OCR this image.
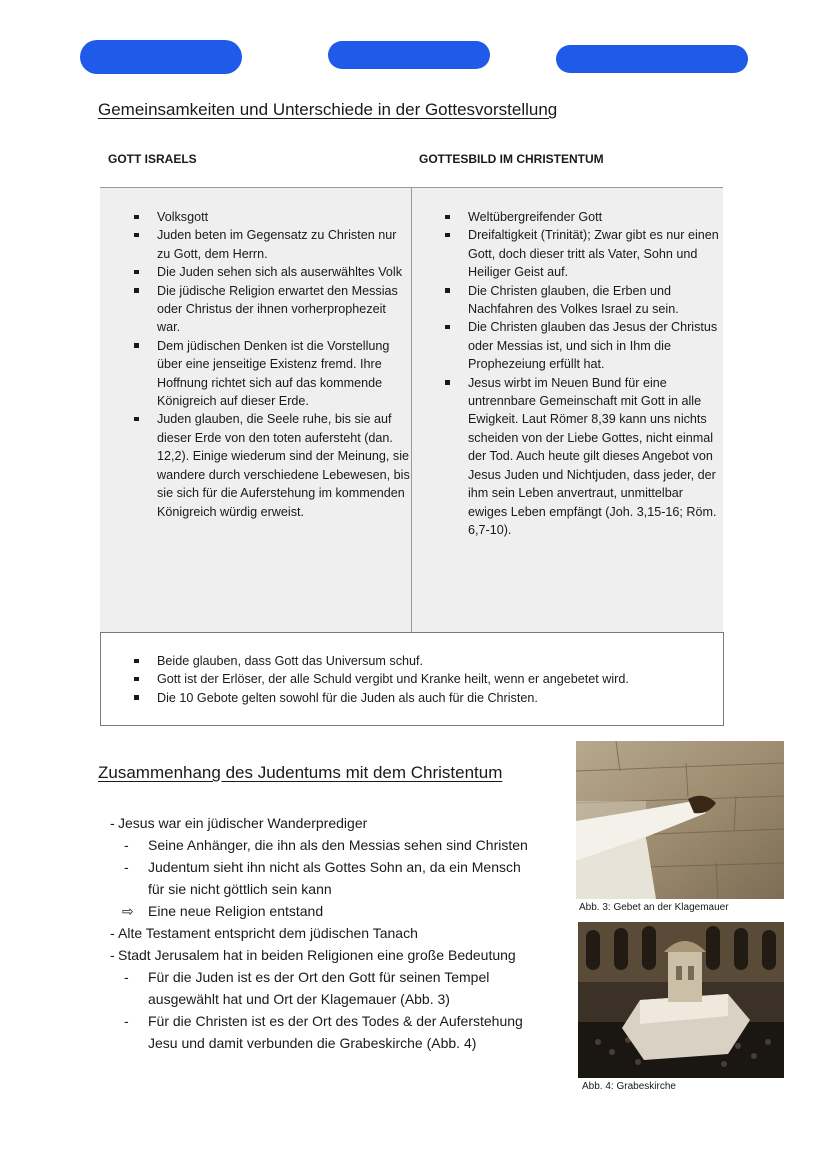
Gemeinsamkeiten und Unterschiede in der Gottesvorstellung
GOTT ISRAELS	GOTTESBILD IM CHRISTENTUM
Volksgott
Juden beten im Gegensatz zu Christen nur zu Gott, dem Herrn.
Die Juden sehen sich als auserwähltes Volk
Die jüdische Religion erwartet den Messias oder Christus der ihnen vorherprophezeit war.
Dem jüdischen Denken ist die Vorstellung über eine jenseitige Existenz fremd. Ihre Hoffnung richtet sich auf das kommende Königreich auf dieser Erde.
Juden glauben, die Seele ruhe, bis sie auf dieser Erde von den toten aufersteht (dan. 12,2). Einige wiederum sind der Meinung, sie wandere durch verschiedene Lebewesen, bis sie sich für die Auferstehung im kommenden Königreich würdig erweist.
Weltübergreifender Gott
Dreifaltigkeit (Trinität); Zwar gibt es nur einen Gott, doch dieser tritt als Vater, Sohn und Heiliger Geist auf.
Die Christen glauben, die Erben und Nachfahren des Volkes Israel zu sein.
Die Christen glauben das Jesus der Christus oder Messias ist, und sich in Ihm die Prophezeiung erfüllt hat.
Jesus wirbt im Neuen Bund für eine untrennbare Gemeinschaft mit Gott in alle Ewigkeit. Laut Römer 8,39 kann uns nichts scheiden von der Liebe Gottes, nicht einmal der Tod. Auch heute gilt dieses Angebot von Jesus Juden und Nichtjuden, dass jeder, der ihm sein Leben anvertraut, unmittelbar ewiges Leben empfängt (Joh. 3,15-16; Röm. 6,7-10).
Beide glauben, dass Gott das Universum schuf.
Gott ist der Erlöser, der alle Schuld vergibt und Kranke heilt, wenn er angebetet wird.
Die 10 Gebote gelten sowohl für die Juden als auch für die Christen.
Zusammenhang des Judentums mit dem Christentum
- Jesus war ein jüdischer Wanderprediger
- Seine Anhänger, die ihn als den Messias sehen sind Christen
- Judentum sieht ihn nicht als Gottes Sohn an, da ein Mensch
für sie nicht göttlich sein kann
⇨ Eine neue Religion entstand
- Alte Testament entspricht dem jüdischen Tanach
- Stadt Jerusalem hat in beiden Religionen eine große Bedeutung
- Für die Juden ist es der Ort den Gott für seinen Tempel
ausgewählt hat und Ort der Klagemauer (Abb. 3)
- Für die Christen ist es der Ort des Todes & der Auferstehung
Jesu und damit verbunden die Grabeskirche (Abb. 4)
Abb. 3: Gebet an der Klagemauer
Abb. 4: Grabeskirche
